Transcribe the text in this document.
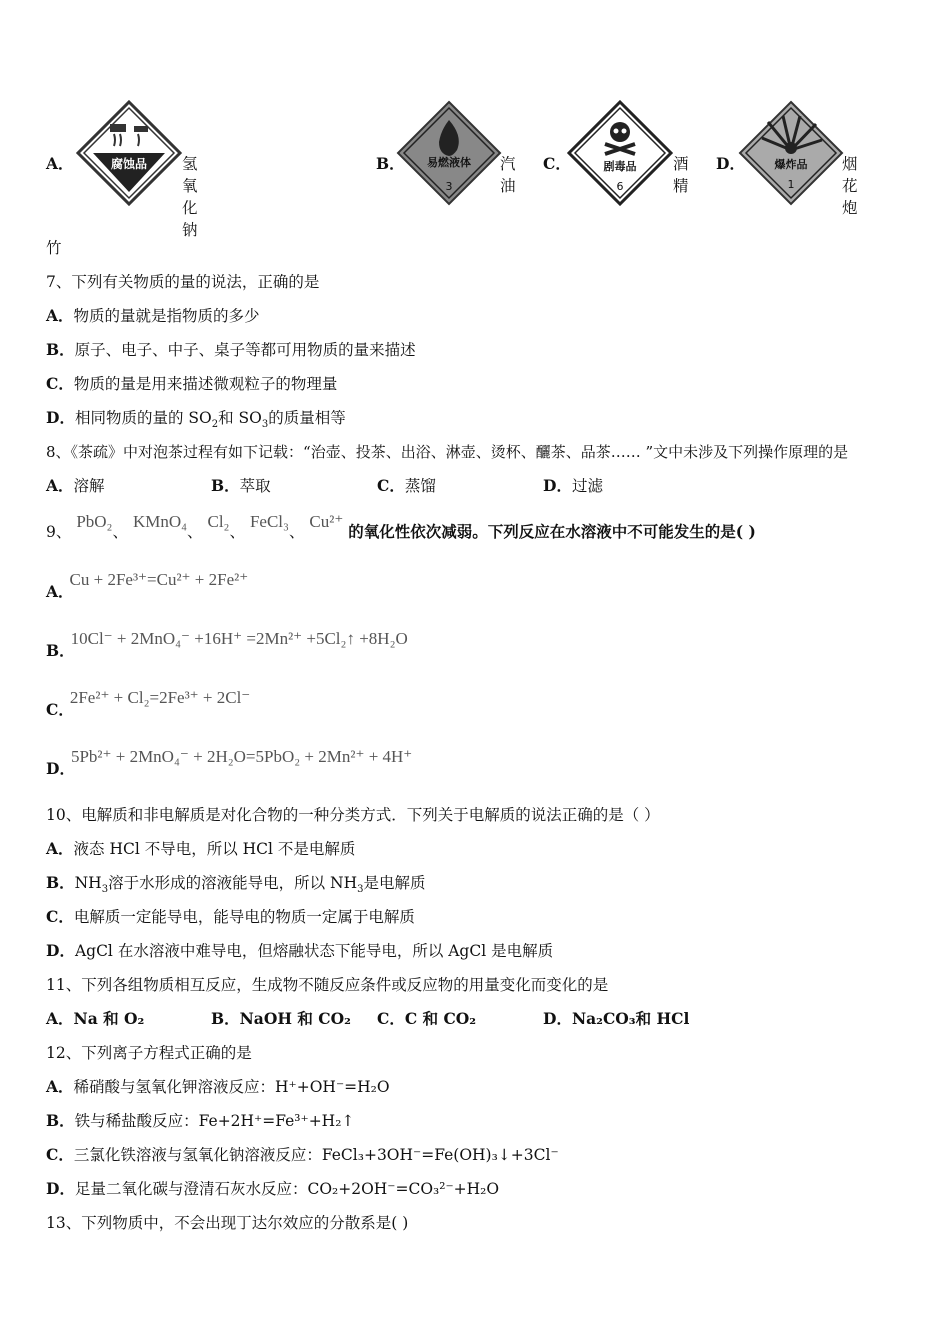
A．	腐蚀品 氢氧化钠
B． 易燃液体
3
汽油
C．	剧毒品
6
酒精
D．	爆炸品
1
烟花炮
竹
7、下列有关物质的量的说法，正确的是
A．物质的量就是指物质的多少
B．原子、电子、中子、桌子等都可用物质的量来描述
C．物质的量是用来描述微观粒子的物理量
D．相同物质的量的 $SO_2$和 $SO_3$的质量相等
8、《茶疏》中对泡茶过程有如下记载：“治壶、投茶、出浴、淋壶、烫杯、釃茶、品茶…… ”文中未涉及下列操作原理的是
A．溶解	B．萃取	C．蒸馏	D．过滤
9、 PbO₂、 KMnO₄、 Cl₂、 FeCl₃、 Cu²⁺ 的氧化性依次减弱。下列反应在水溶液中不可能发生的是( )
A．Cu + 2Fe³⁺=Cu²⁺ + 2Fe²⁺
B．10Cl⁻ + 2MnO₄⁻ +16H⁺ =2Mn²⁺ +5Cl₂↑ +8H₂O
C．2Fe²⁺ + Cl₂=2Fe³⁺ + 2Cl⁻
D．5Pb²⁺ + 2MnO₄⁻ + 2H₂O=5PbO₂ + 2Mn²⁺ + 4H⁺
10、电解质和非电解质是对化合物的一种分类方式．下列关于电解质的说法正确的是（ ）
A．液态 HCl 不导电，所以 HCl 不是电解质
B．$NH_3$溶于水形成的溶液能导电，所以 $NH_3$是电解质
C．电解质一定能导电，能导电的物质一定属于电解质
D．AgCl 在水溶液中难导电，但熔融状态下能导电，所以 AgCl 是电解质
11、下列各组物质相互反应，生成物不随反应条件或反应物的用量变化而变化的是
A．Na 和 O₂	B．NaOH 和 CO₂ C．C 和 CO₂	D．Na₂CO₃和 HCl
12、下列离子方程式正确的是
A．稀硝酸与氢氧化钾溶液反应：H⁺+OH⁻=H₂O
B．铁与稀盐酸反应：Fe+2H⁺=Fe³⁺+H₂↑
C．三氯化铁溶液与氢氧化钠溶液反应：FeCl₃+3OH⁻=Fe(OH)₃↓+3Cl⁻
D．足量二氧化碳与澄清石灰水反应：CO₂+2OH⁻=CO₃²⁻+H₂O
13、下列物质中，不会出现丁达尔效应的分散系是( )
